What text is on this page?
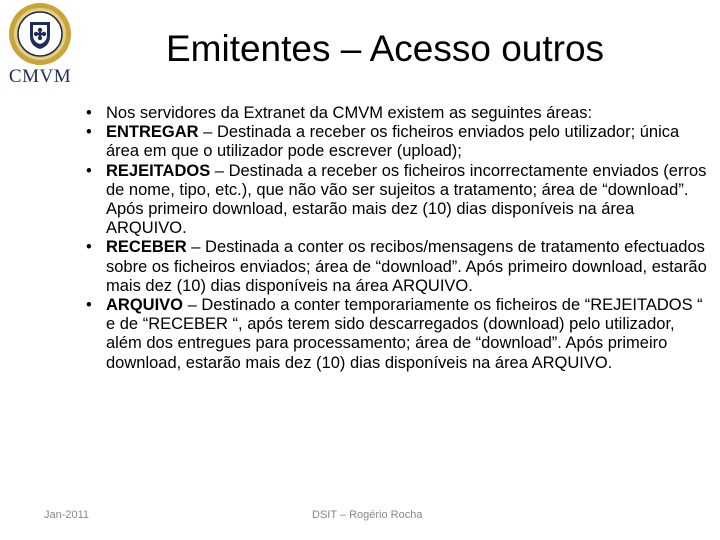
CMVM
Emitentes – Acesso outros
• Nos servidores da Extranet da CMVM existem as seguintes áreas:
• ENTREGAR – Destinada a receber os ficheiros enviados pelo utilizador; única área em que o utilizador pode escrever (upload);
• REJEITADOS – Destinada a receber os ficheiros incorrectamente enviados (erros de nome, tipo, etc.), que não vão ser sujeitos a tratamento; área de “download”. Após primeiro download, estarão mais dez (10) dias disponíveis na área ARQUIVO.
• RECEBER – Destinada a conter os recibos/mensagens de tratamento efectuados sobre os ficheiros enviados; área de “download”. Após primeiro download, estarão mais dez (10) dias disponíveis na área ARQUIVO.
• ARQUIVO – Destinado a conter temporariamente os ficheiros de “REJEITADOS “ e de “RECEBER “, após terem sido descarregados (download) pelo utilizador, além dos entregues para processamento; área de “download”. Após primeiro download, estarão mais dez (10) dias disponíveis na área ARQUIVO.
Jan-2011	DSIT – Rogério Rocha
